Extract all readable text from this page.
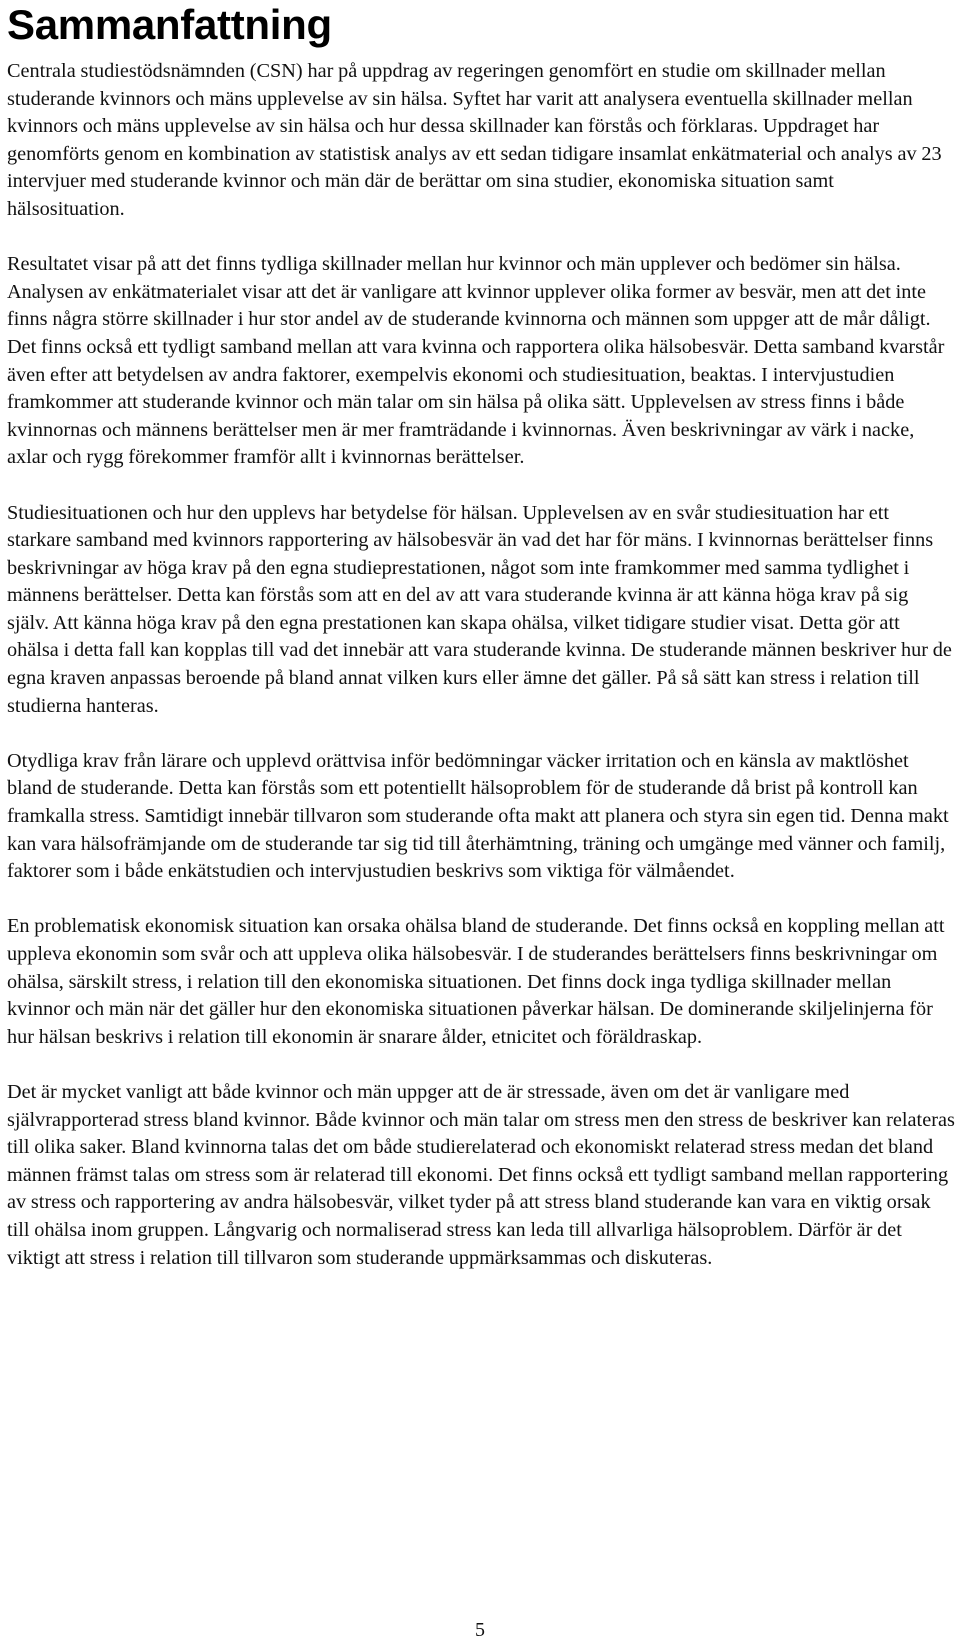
Sammanfattning

Centrala studiestödsnämnden (CSN) har på uppdrag av regeringen genomfört en studie om skillnader mellan studerande kvinnors och mäns upplevelse av sin hälsa. Syftet har varit att analysera eventuella skillnader mellan kvinnors och mäns upplevelse av sin hälsa och hur dessa skillnader kan förstås och förklaras. Uppdraget har genomförts genom en kombination av statistisk analys av ett sedan tidigare insamlat enkätmaterial och analys av 23 intervjuer med studerande kvinnor och män där de berättar om sina studier, ekonomiska situation samt hälsosituation.

Resultatet visar på att det finns tydliga skillnader mellan hur kvinnor och män upplever och bedömer sin hälsa. Analysen av enkätmaterialet visar att det är vanligare att kvinnor upplever olika former av besvär, men att det inte finns några större skillnader i hur stor andel av de studerande kvinnorna och männen som uppger att de mår dåligt. Det finns också ett tydligt samband mellan att vara kvinna och rapportera olika hälsobesvär. Detta samband kvarstår även efter att betydelsen av andra faktorer, exempelvis ekonomi och studiesituation, beaktas. I intervjustudien framkommer att studerande kvinnor och män talar om sin hälsa på olika sätt. Upplevelsen av stress finns i både kvinnornas och männens berättelser men är mer framträdande i kvinnornas. Även beskrivningar av värk i nacke, axlar och rygg förekommer framför allt i kvinnornas berättelser.

Studiesituationen och hur den upplevs har betydelse för hälsan. Upplevelsen av en svår studiesituation har ett starkare samband med kvinnors rapportering av hälsobesvär än vad det har för mäns. I kvinnornas berättelser finns beskrivningar av höga krav på den egna studieprestationen, något som inte framkommer med samma tydlighet i männens berättelser. Detta kan förstås som att en del av att vara studerande kvinna är att känna höga krav på sig själv. Att känna höga krav på den egna prestationen kan skapa ohälsa, vilket tidigare studier visat. Detta gör att ohälsa i detta fall kan kopplas till vad det innebär att vara studerande kvinna. De studerande männen beskriver hur de egna kraven anpassas beroende på bland annat vilken kurs eller ämne det gäller. På så sätt kan stress i relation till studierna hanteras.

Otydliga krav från lärare och upplevd orättvisa inför bedömningar väcker irritation och en känsla av maktlöshet bland de studerande. Detta kan förstås som ett potentiellt hälsoproblem för de studerande då brist på kontroll kan framkalla stress. Samtidigt innebär tillvaron som studerande ofta makt att planera och styra sin egen tid. Denna makt kan vara hälsofrämjande om de studerande tar sig tid till återhämtning, träning och umgänge med vänner och familj, faktorer som i både enkätstudien och intervjustudien beskrivs som viktiga för välmåendet.

En problematisk ekonomisk situation kan orsaka ohälsa bland de studerande. Det finns också en koppling mellan att uppleva ekonomin som svår och att uppleva olika hälsobesvär. I de studerandes berättelsers finns beskrivningar om ohälsa, särskilt stress, i relation till den ekonomiska situationen. Det finns dock inga tydliga skillnader mellan kvinnor och män när det gäller hur den ekonomiska situationen påverkar hälsan. De dominerande skiljelinjerna för hur hälsan beskrivs i relation till ekonomin är snarare ålder, etnicitet och föräldraskap.

Det är mycket vanligt att både kvinnor och män uppger att de är stressade, även om det är vanligare med självrapporterad stress bland kvinnor. Både kvinnor och män talar om stress men den stress de beskriver kan relateras till olika saker. Bland kvinnorna talas det om både studierelaterad och ekonomiskt relaterad stress medan det bland männen främst talas om stress som är relaterad till ekonomi. Det finns också ett tydligt samband mellan rapportering av stress och rapportering av andra hälsobesvär, vilket tyder på att stress bland studerande kan vara en viktig orsak till ohälsa inom gruppen. Långvarig och normaliserad stress kan leda till allvarliga hälsoproblem. Därför är det viktigt att stress i relation till tillvaron som studerande uppmärksammas och diskuteras.

5
